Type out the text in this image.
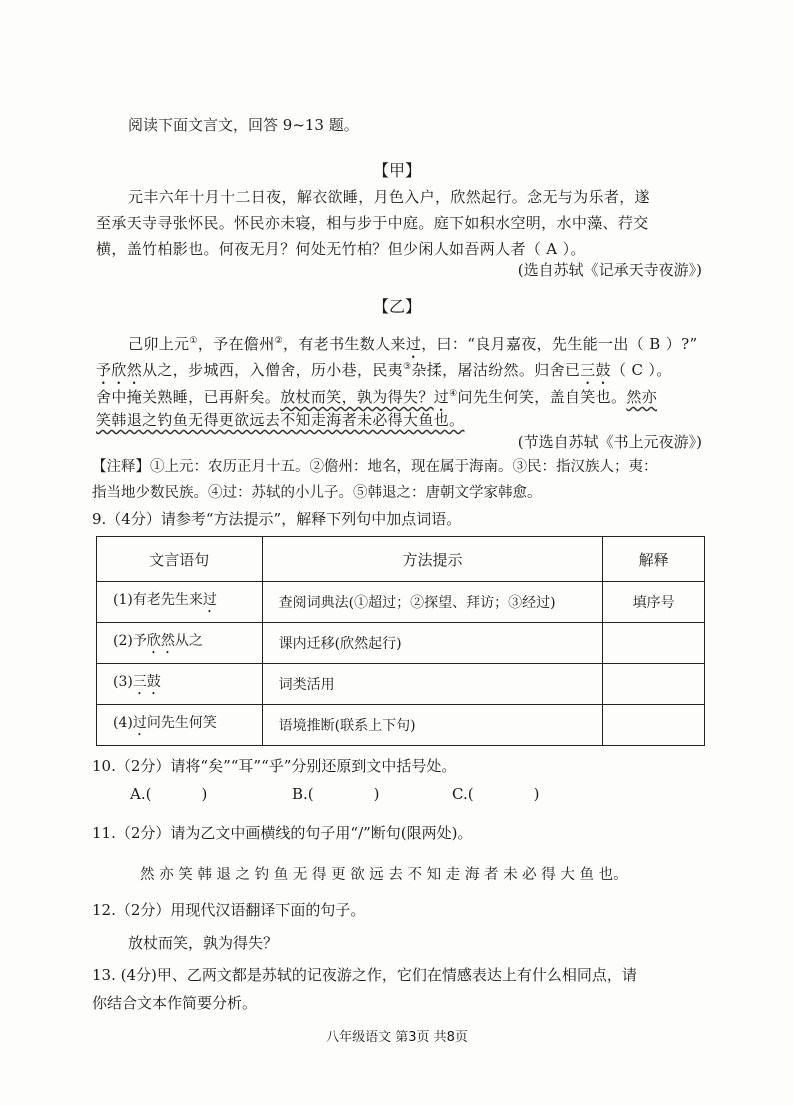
阅读下面文言文，回答 9~13 题。
【甲】
元丰六年十月十二日夜，解衣欲睡，月色入户，欣然起行。念无与为乐者，遂
至承天寺寻张怀民。怀民亦未寝，相与步于中庭。庭下如积水空明，水中藻、荇交
横，盖竹柏影也。何夜无月？何处无竹柏？但少闲人如吾两人者（ A ）。
(选自苏轼《记承天寺夜游》)
【乙】
己卯上元①，予在儋州②，有老书生数人来过，曰：“良月嘉夜，先生能一出（ B ）?”
予欣然从之，步城西，入僧舍，历小巷，民夷③杂揉，屠沽纷然。归舍已三鼓（ C ）。
舍中掩关熟睡，已再鼾矣。放杖而笑，孰为得失？过④问先生何笑，盖自笑也。然亦
笑韩退之钓鱼无得更欲远去不知走海者未必得大鱼也。
(节选自苏轼《书上元夜游》)
【注释】①上元：农历正月十五。②儋州：地名，现在属于海南。③民：指汉族人；夷：
指当地少数民族。④过：苏轼的小儿子。⑤韩退之：唐朝文学家韩愈。
9.（4分）请参考“方法提示”，解释下列句中加点词语。
文言语句	方法提示	解释
(1)有老先生来过	查阅词典法(①超过；②探望、拜访；③经过)	填序号
(2)予欣然从之	课内迁移(欣然起行)	
(3)三鼓	词类活用	
(4)过问先生何笑	语境推断(联系上下句)	
10.（2分）请将“矣”“耳”“乎”分别还原到文中括号处。
A.(	)	B.(	)	C.(	)
11.（2分）请为乙文中画横线的句子用“/”断句(限两处)。
然 亦 笑 韩 退 之 钓 鱼 无 得 更 欲 远 去 不 知 走 海 者 未 必 得 大 鱼 也。
12.（2分）用现代汉语翻译下面的句子。
放杖而笑，孰为得失？
13. (4分)甲、乙两文都是苏轼的记夜游之作，它们在情感表达上有什么相同点，请
你结合文本作简要分析。
八年级语文 第3页 共8页
